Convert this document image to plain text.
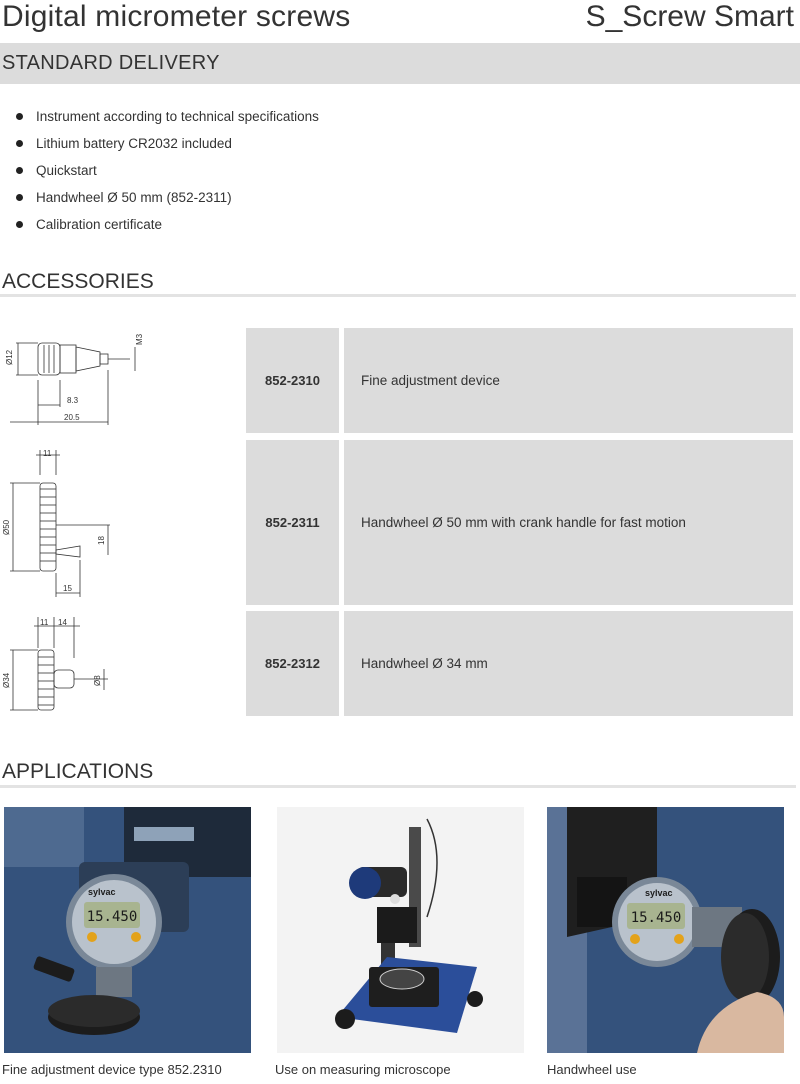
Digital micrometer screws	S_Screw Smart
STANDARD DELIVERY
Instrument according to technical specifications
Lithium battery CR2032 included
Quickstart
Handwheel Ø 50 mm (852-2311)
Calibration certificate
ACCESSORIES
8.3
20.5
Ø12
M3
11
Ø50
18
15
11 14
Ø34	Ø8
852-2310	Fine adjustment device
852-2311	Handwheel Ø 50 mm with crank handle for fast motion
852-2312	Handwheel Ø 34 mm
APPLICATIONS
15.450
sylvac
Fine adjustment device type 852.2310	Use on measuring microscope
15.450
sylvac
Handwheel use
